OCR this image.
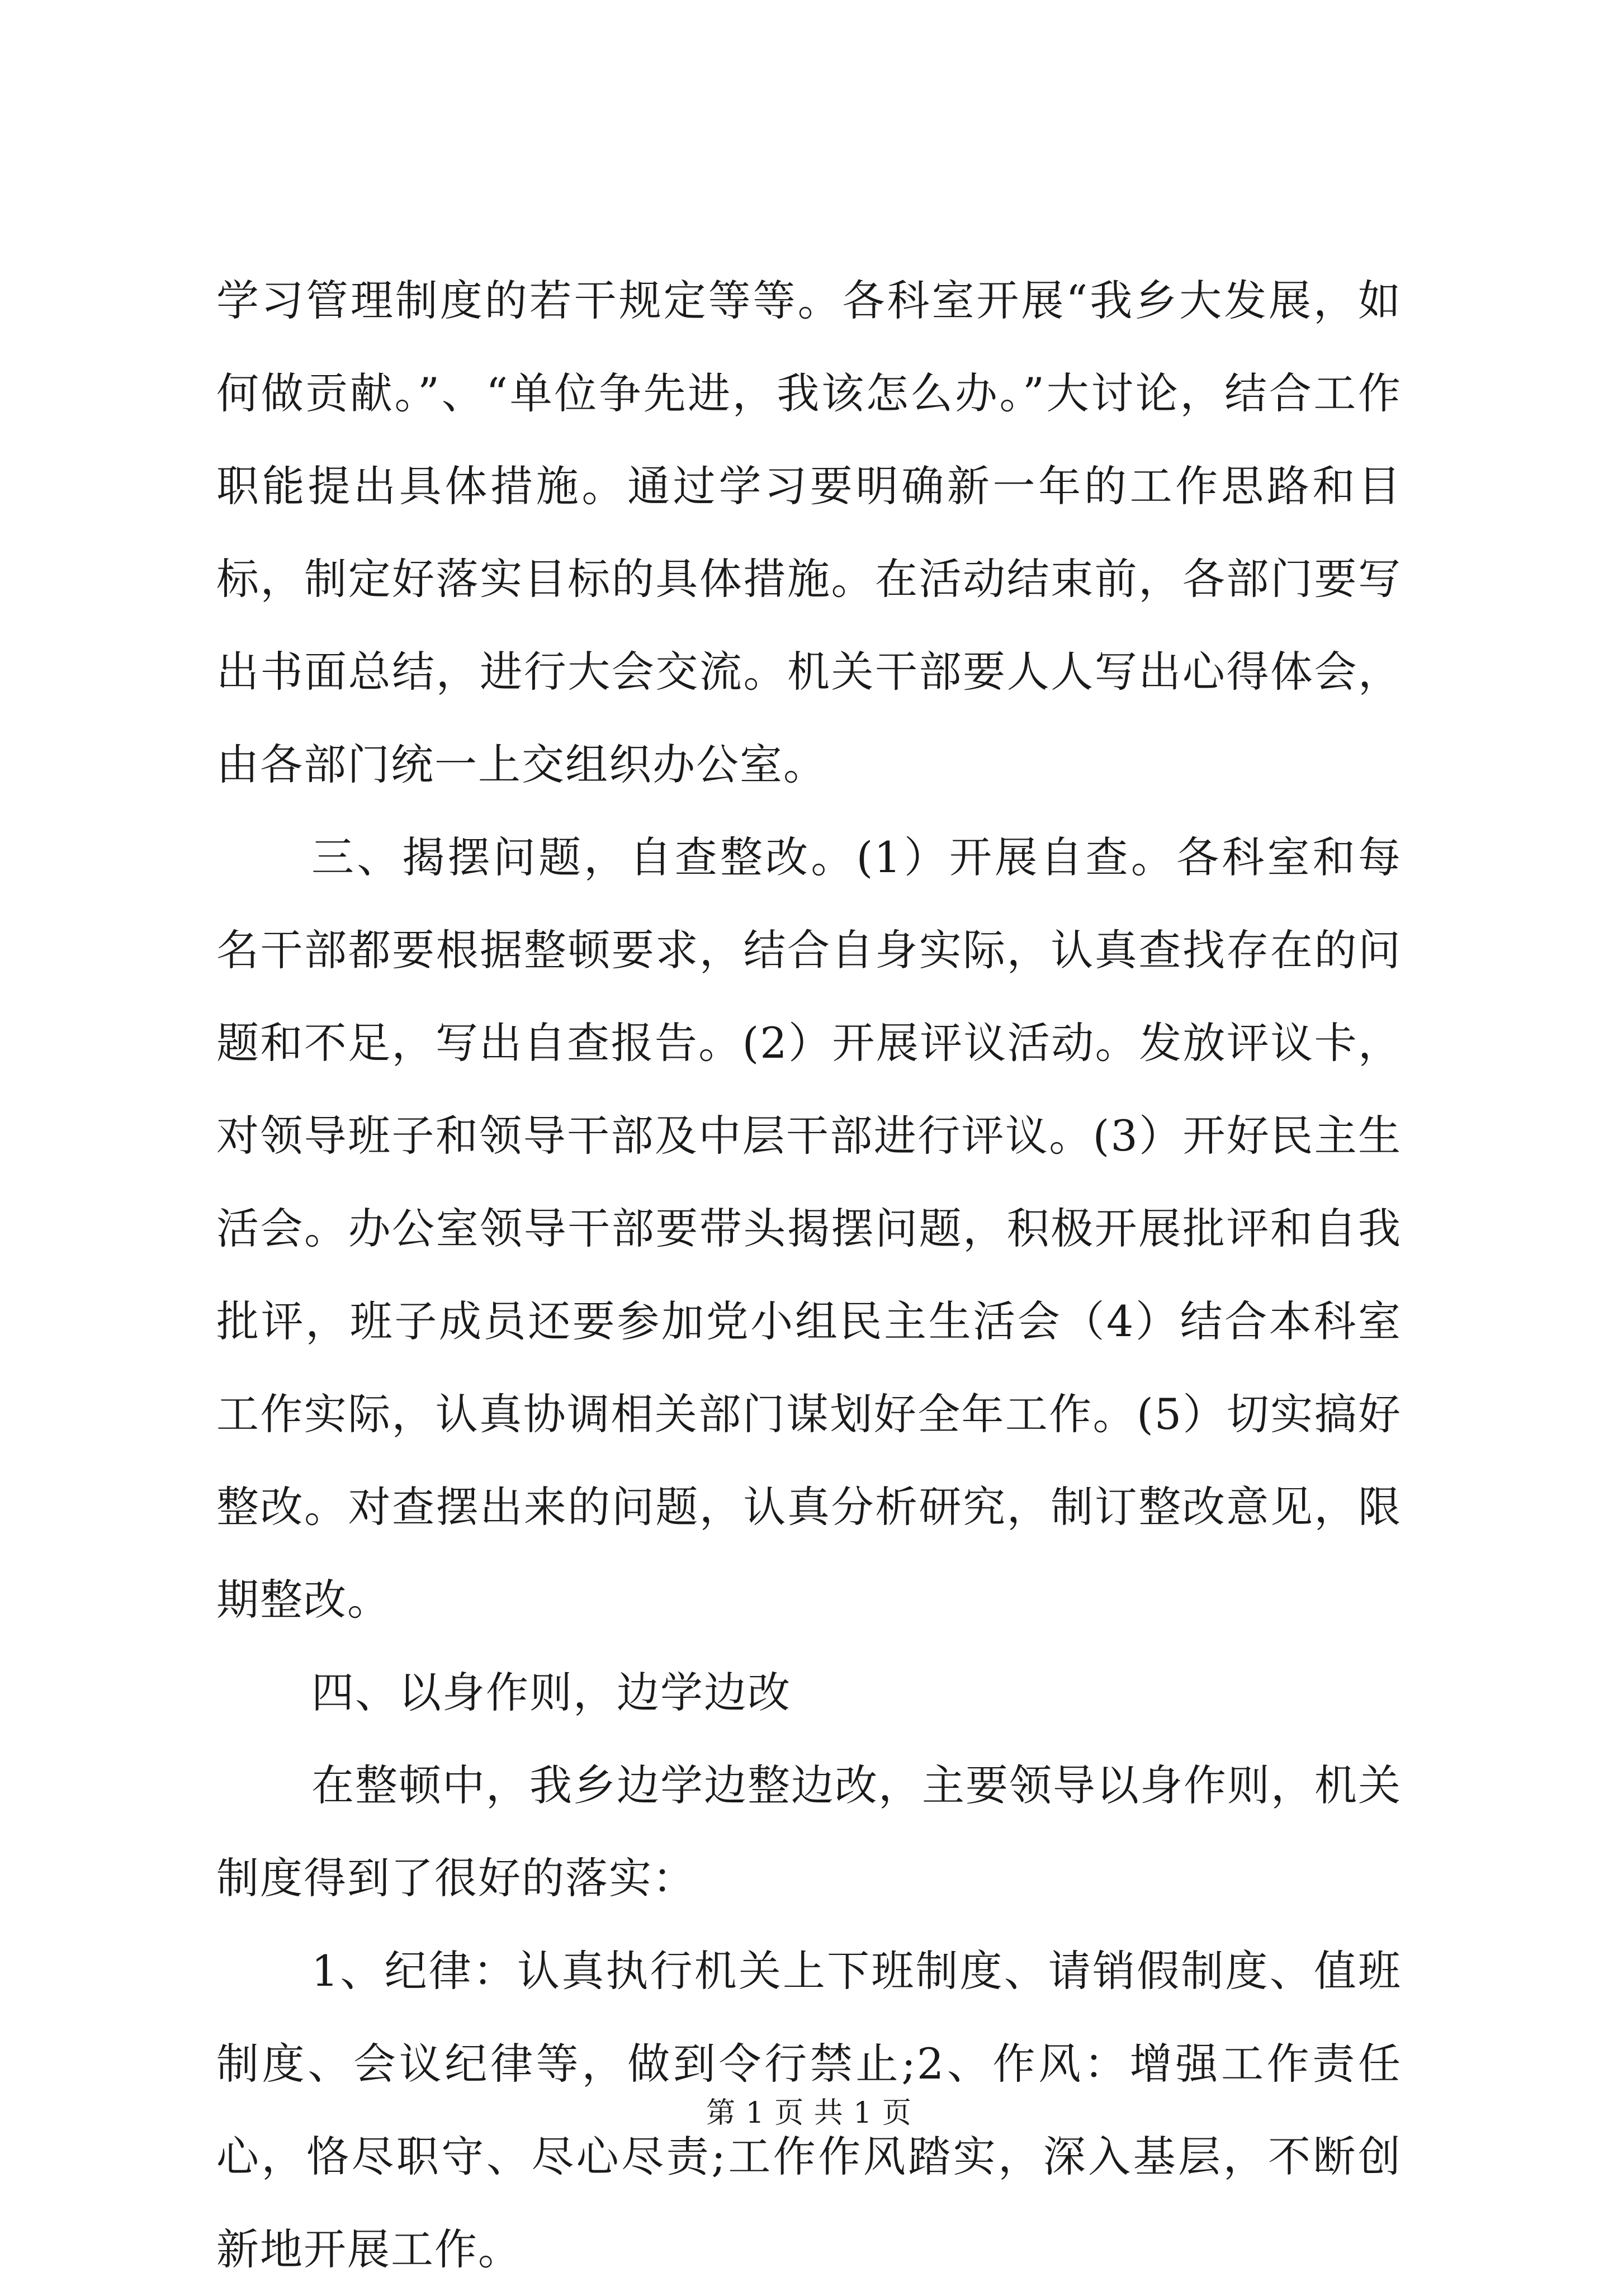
学习管理制度的若干规定等等。各科室开展“我乡大发展，如何做贡献。”、“单位争先进，我该怎么办。”大讨论，结合工作职能提出具体措施。通过学习要明确新一年的工作思路和目标，制定好落实目标的具体措施。在活动结束前，各部门要写出书面总结，进行大会交流。机关干部要人人写出心得体会，由各部门统一上交组织办公室。

三、揭摆问题，自查整改。(1）开展自查。各科室和每名干部都要根据整顿要求，结合自身实际，认真查找存在的问题和不足，写出自查报告。(2）开展评议活动。发放评议卡，对领导班子和领导干部及中层干部进行评议。(3）开好民主生活会。办公室领导干部要带头揭摆问题，积极开展批评和自我批评，班子成员还要参加党小组民主生活会（4）结合本科室工作实际，认真协调相关部门谋划好全年工作。(5）切实搞好整改。对查摆出来的问题，认真分析研究，制订整改意见，限期整改。

四、以身作则，边学边改

在整顿中，我乡边学边整边改，主要领导以身作则，机关制度得到了很好的落实：

1、纪律：认真执行机关上下班制度、请销假制度、值班制度、会议纪律等，做到令行禁止;2、作风：增强工作责任心，恪尽职守、尽心尽责;工作作风踏实，深入基层，不断创新地开展工作。

第 1 页 共 1 页
